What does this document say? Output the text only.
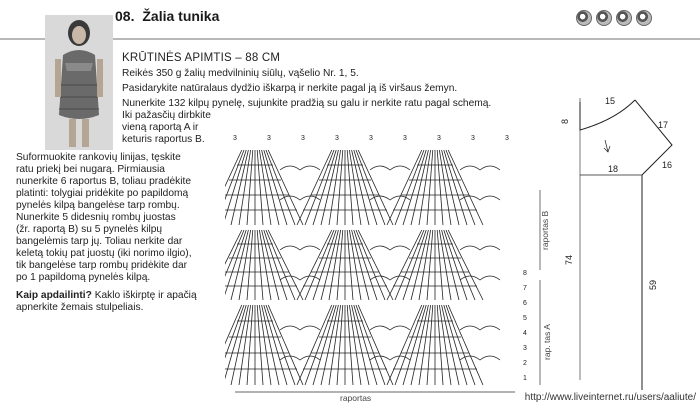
08. Žalia tunika
KRŪTINĖS APIMTIS – 88 CM
Reikės 350 g žalių medvilninių siūlų, vąšelio Nr. 1, 5.
Pasidarykite natūralaus dydžio iškarpą ir nerkite pagal ją iš viršaus žemyn.
Nunerkite 132 kilpų pynelę, sujunkite pradžią su galu ir nerkite ratu pagal schemą.
Iki pažasčių dirbkite
vieną raportą A ir
keturis raportus B.
Suformuokite rankovių linijas, tęskite
ratu priekį bei nugarą. Pirmiausia
nunerkite 6 raportus B, toliau pradėkite
platinti: tolygiai pridėkite po papildomą
pynelės kilpą bangelėse tarp rombų.
Nunerkite 5 didesnių rombų juostas
(žr. raportą B) su 5 pynelės kilpų
bangelėmis tarp jų. Toliau nerkite dar
keletą tokių pat juostų (iki norimo ilgio),
tik bangelėse tarp rombų pridėkite dar
po 1 papildomą pynelės kilpą.
Kaip apdailinti? Kaklo iškirptę ir apačią
apnerkite žemais stulpeliais.
3	3	3	3	3	3	3	3	3
8
7
6
5
4
3
2
1
raportas B
rap. tas A
raportas
15
8	17
16
18
74
59
http://www.liveinternet.ru/users/aaliute/
